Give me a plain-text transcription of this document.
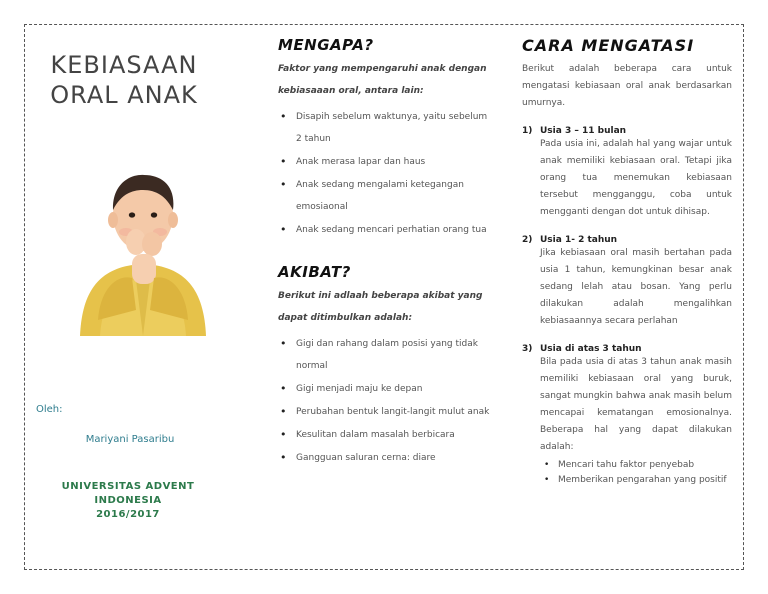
KEBIASAAN
ORAL ANAK
Oleh:
Mariyani Pasaribu
UNIVERSITAS ADVENT
INDONESIA
2016/2017
MENGAPA?

Faktor yang mempengaruhi anak dengan kebiasaaan oral, antara lain:

• Disapih sebelum waktunya, yaitu sebelum 2 tahun
• Anak merasa lapar dan haus
• Anak sedang mengalami ketegangan emosiaonal
• Anak sedang mencari perhatian orang tua
AKIBAT?

Berikut ini adlaah beberapa akibat yang dapat ditimbulkan adalah:

• Gigi dan rahang dalam posisi yang tidak normal
• Gigi menjadi maju ke depan
• Perubahan bentuk langit-langit mulut anak
• Kesulitan dalam masalah berbicara
• Gangguan saluran cerna: diare
CARA MENGATASI

Berikut adalah beberapa cara untuk mengatasi kebiasaan oral anak berdasarkan umurnya.

1) Usia 3 – 11 bulan
Pada usia ini, adalah hal yang wajar untuk anak memiliki kebiasaan oral. Tetapi jika orang tua menemukan kebiasaan tersebut mengganggu, coba untuk mengganti dengan dot untuk dihisap.
2) Usia 1- 2 tahun
Jika kebiasaan oral masih bertahan pada usia 1 tahun, kemungkinan besar anak sedang lelah atau bosan. Yang perlu dilakukan adalah mengalihkan kebiasaannya secara perlahan
3) Usia di atas 3 tahun
Bila pada usia di atas 3 tahun anak masih memiliki kebiasaan oral yang buruk, sangat mungkin bahwa anak masih belum mencapai kematangan emosionalnya. Beberapa hal yang dapat dilakukan adalah:
• Mencari tahu faktor penyebab
• Memberikan pengarahan yang positif
